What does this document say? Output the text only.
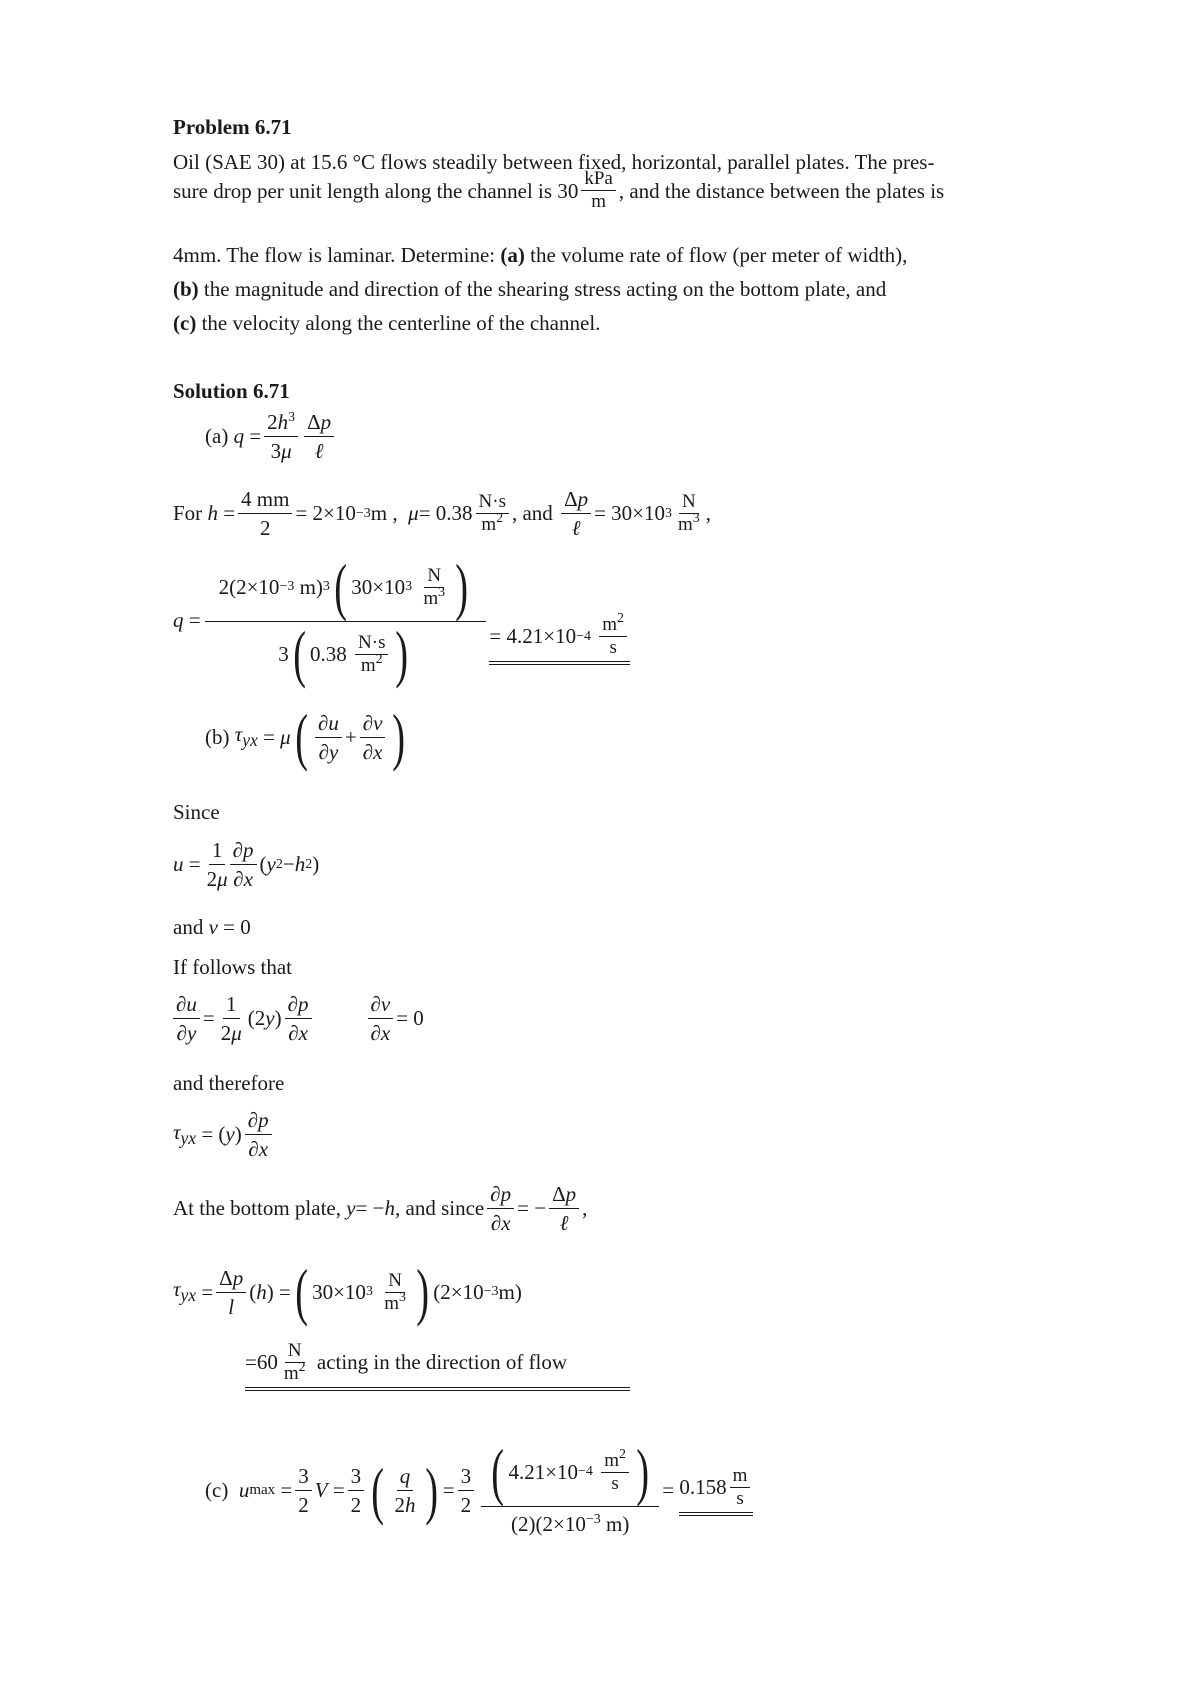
Problem 6.71
Oil (SAE 30) at 15.6 °C flows steadily between fixed, horizontal, parallel plates. The pres-
sure drop per unit length along the channel is $30 \frac{\text{kPa}}{m}$ , and the distance between the plates is
4mm. The flow is laminar. Determine: (a) the volume rate of flow (per meter of width),
(b) the magnitude and direction of the shearing stress acting on the bottom plate, and
(c) the velocity along the centerline of the channel.
Solution 6.71
(a)
$q = \frac{2h^3}{3\mu} \frac{\Delta p}{\text{ℓ}}$
For
$h = \frac{4 mm}{2} = 2\times 10 -3$ m , $\mu = 0.38 \frac{N\cdot s}{m^2}$ , and
$\frac{\Delta p}{\text{ℓ}} = 30\times 10$ $3 \frac{N}{m^3}$ ,
q = 2(2×10 −3 m) 3 ( 30×10 3
$\frac{N}{m^3}$ )
3 ( $0.38 \frac{N\cdot s}{m^2}$ ) = 4.21×10 −4
$\frac{m^2}{s}$
(b)
$\tau_{yx} = \mu$ ( $\frac{\partial u}{\partial y} + \frac{\partial v}{\partial x}$ )
Since
$u = \frac{1}{2\mu} \frac{\partial p}{\partial x}$ ( y 2 − h 2 )
and v = 0
If follows that
$\frac{\partial u}{\partial y} = \frac{1}{2\mu} (2$ y ) $\frac{\partial p}{\partial x}$	$\frac{\partial v}{\partial x} = 0$
and therefore
$\tau_{yx}$ = ( y ) $\frac{\partial p}{\partial x}$
At the bottom plate,
y = − h , and since $\frac{\partial p}{\partial x}$ = − $\frac{\Delta p}{\text{ℓ}}$ ,
$\tau_{yx} = \frac{\Delta p}{l}$ ( h ) = ( 30×10 3
$\frac{N}{m^3}$ ) (2×10 −3 m)
$=60 \frac{N}{m^2}$
acting in the direction of flow
(c)
u $\max = \frac{3}{2}$ $V = \frac{3}{2}$ ( $\frac{q}{2h}$ ) = $\frac{3}{2}$ ( 4.21×10 −4
$\frac{m^2}{s}$ )
$(2)(2\times 10^{-3}$ $m) = 0.158 \frac{m}{s}$
